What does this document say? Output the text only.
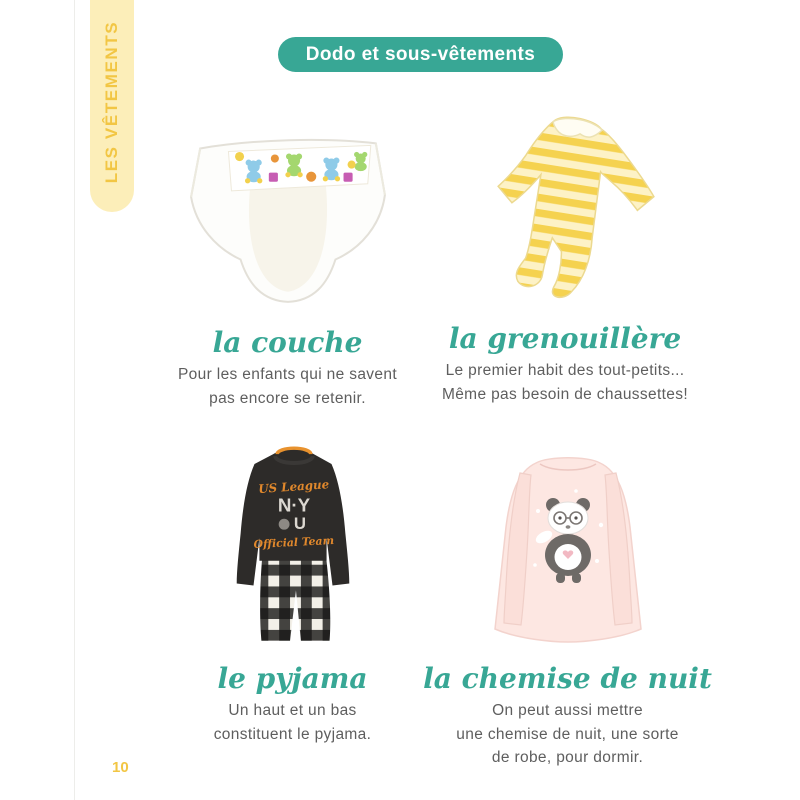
LES VÊTEMENTS	Dodo et sous-vêtements
la couche

Pour les enfants qui ne savent
pas encore se retenir.

la grenouillère

Le premier habit des tout-petits...
Même pas besoin de chaussettes!

US League
N·Y
U
Official Team
le pyjama

Un haut et un bas
constituent le pyjama.

la chemise de nuit

On peut aussi mettre
une chemise de nuit, une sorte
de robe, pour dormir.

10
